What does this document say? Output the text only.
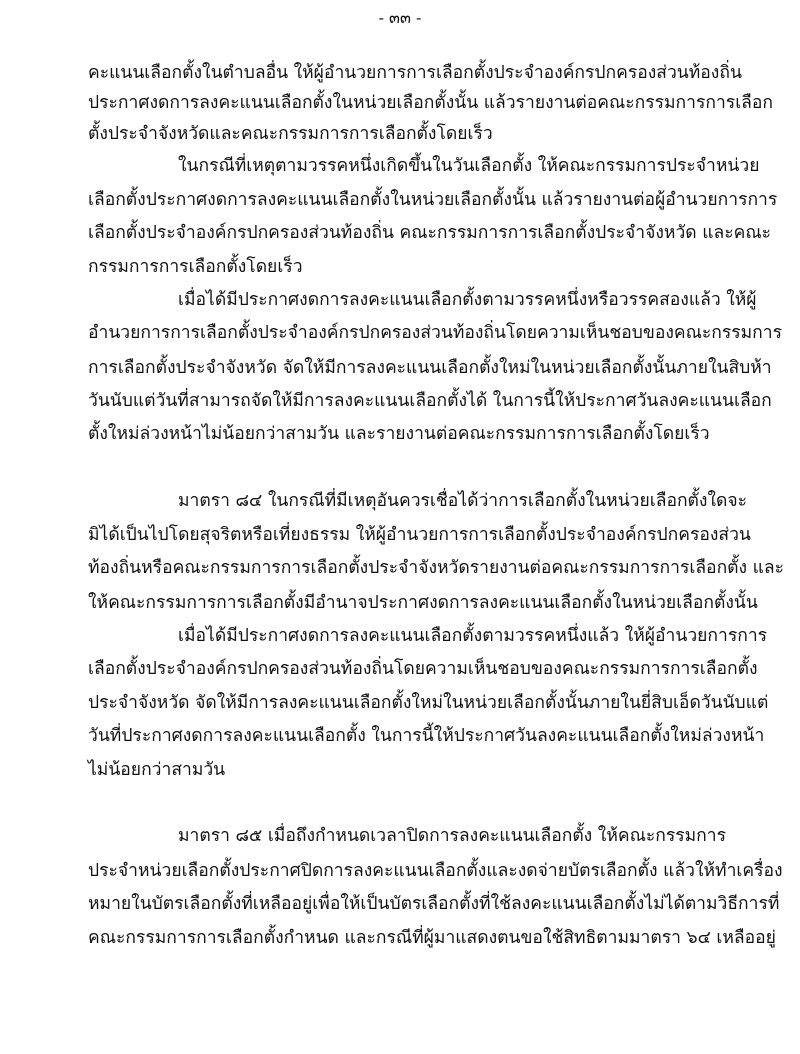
- ๓๓ -
คะแนนเลือกตั้งในตำบลอื่น ให้ผู้อำนวยการการเลือกตั้งประจำองค์กรปกครองส่วนท้องถิ่น
ประกาศงดการลงคะแนนเลือกตั้งในหน่วยเลือกตั้งนั้น แล้วรายงานต่อคณะกรรมการการเลือก
ตั้งประจำจังหวัดและคณะกรรมการการเลือกตั้งโดยเร็ว
ในกรณีที่เหตุตามวรรคหนึ่งเกิดขึ้นในวันเลือกตั้ง ให้คณะกรรมการประจำหน่วย
เลือกตั้งประกาศงดการลงคะแนนเลือกตั้งในหน่วยเลือกตั้งนั้น แล้วรายงานต่อผู้อำนวยการการ
เลือกตั้งประจำองค์กรปกครองส่วนท้องถิ่น คณะกรรมการการเลือกตั้งประจำจังหวัด และคณะ
กรรมการการเลือกตั้งโดยเร็ว
เมื่อได้มีประกาศงดการลงคะแนนเลือกตั้งตามวรรคหนึ่งหรือวรรคสองแล้ว ให้ผู้
อำนวยการการเลือกตั้งประจำองค์กรปกครองส่วนท้องถิ่นโดยความเห็นชอบของคณะกรรมการ
การเลือกตั้งประจำจังหวัด จัดให้มีการลงคะแนนเลือกตั้งใหม่ในหน่วยเลือกตั้งนั้นภายในสิบห้า
วันนับแต่วันที่สามารถจัดให้มีการลงคะแนนเลือกตั้งได้ ในการนี้ให้ประกาศวันลงคะแนนเลือก
ตั้งใหม่ล่วงหน้าไม่น้อยกว่าสามวัน และรายงานต่อคณะกรรมการการเลือกตั้งโดยเร็ว
มาตรา ๘๔ ในกรณีที่มีเหตุอันควรเชื่อได้ว่าการเลือกตั้งในหน่วยเลือกตั้งใดจะ
มิได้เป็นไปโดยสุจริตหรือเที่ยงธรรม ให้ผู้อำนวยการการเลือกตั้งประจำองค์กรปกครองส่วน
ท้องถิ่นหรือคณะกรรมการการเลือกตั้งประจำจังหวัดรายงานต่อคณะกรรมการการเลือกตั้ง และ
ให้คณะกรรมการการเลือกตั้งมีอำนาจประกาศงดการลงคะแนนเลือกตั้งในหน่วยเลือกตั้งนั้น
เมื่อได้มีประกาศงดการลงคะแนนเลือกตั้งตามวรรคหนึ่งแล้ว ให้ผู้อำนวยการการ
เลือกตั้งประจำองค์กรปกครองส่วนท้องถิ่นโดยความเห็นชอบของคณะกรรมการการเลือกตั้ง
ประจำจังหวัด จัดให้มีการลงคะแนนเลือกตั้งใหม่ในหน่วยเลือกตั้งนั้นภายในยี่สิบเอ็ดวันนับแต่
วันที่ประกาศงดการลงคะแนนเลือกตั้ง ในการนี้ให้ประกาศวันลงคะแนนเลือกตั้งใหม่ล่วงหน้า
ไม่น้อยกว่าสามวัน
มาตรา ๘๕ เมื่อถึงกำหนดเวลาปิดการลงคะแนนเลือกตั้ง ให้คณะกรรมการ
ประจำหน่วยเลือกตั้งประกาศปิดการลงคะแนนเลือกตั้งและงดจ่ายบัตรเลือกตั้ง แล้วให้ทำเครื่อง
หมายในบัตรเลือกตั้งที่เหลืออยู่เพื่อให้เป็นบัตรเลือกตั้งที่ใช้ลงคะแนนเลือกตั้งไม่ได้ตามวิธีการที่
คณะกรรมการการเลือกตั้งกำหนด และกรณีที่ผู้มาแสดงตนขอใช้สิทธิตามมาตรา ๖๔ เหลืออยู่
